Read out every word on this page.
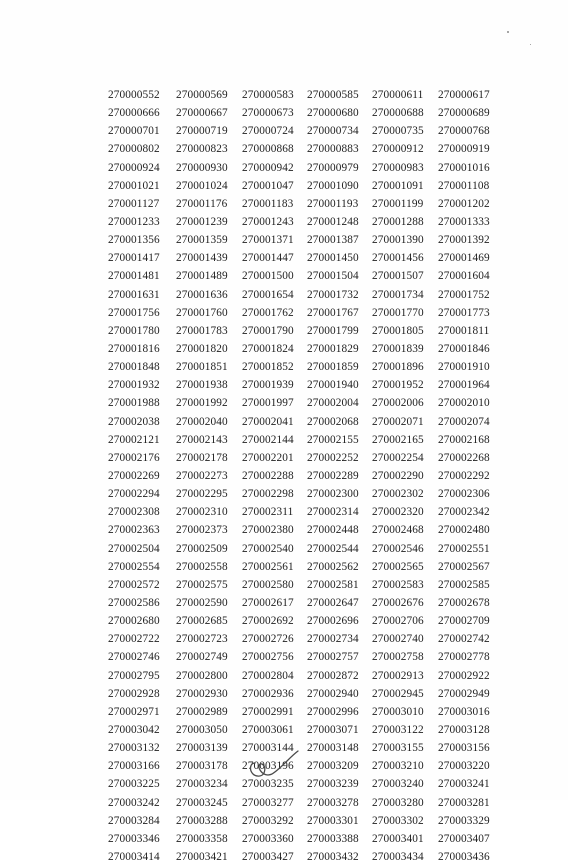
270000552	270000569	270000583	270000585	270000611	270000617
270000666	270000667	270000673	270000680	270000688	270000689
270000701	270000719	270000724	270000734	270000735	270000768
270000802	270000823	270000868	270000883	270000912	270000919
270000924	270000930	270000942	270000979	270000983	270001016
270001021	270001024	270001047	270001090	270001091	270001108
270001127	270001176	270001183	270001193	270001199	270001202
270001233	270001239	270001243	270001248	270001288	270001333
270001356	270001359	270001371	270001387	270001390	270001392
270001417	270001439	270001447	270001450	270001456	270001469
270001481	270001489	270001500	270001504	270001507	270001604
270001631	270001636	270001654	270001732	270001734	270001752
270001756	270001760	270001762	270001767	270001770	270001773
270001780	270001783	270001790	270001799	270001805	270001811
270001816	270001820	270001824	270001829	270001839	270001846
270001848	270001851	270001852	270001859	270001896	270001910
270001932	270001938	270001939	270001940	270001952	270001964
270001988	270001992	270001997	270002004	270002006	270002010
270002038	270002040	270002041	270002068	270002071	270002074
270002121	270002143	270002144	270002155	270002165	270002168
270002176	270002178	270002201	270002252	270002254	270002268
270002269	270002273	270002288	270002289	270002290	270002292
270002294	270002295	270002298	270002300	270002302	270002306
270002308	270002310	270002311	270002314	270002320	270002342
270002363	270002373	270002380	270002448	270002468	270002480
270002504	270002509	270002540	270002544	270002546	270002551
270002554	270002558	270002561	270002562	270002565	270002567
270002572	270002575	270002580	270002581	270002583	270002585
270002586	270002590	270002617	270002647	270002676	270002678
270002680	270002685	270002692	270002696	270002706	270002709
270002722	270002723	270002726	270002734	270002740	270002742
270002746	270002749	270002756	270002757	270002758	270002778
270002795	270002800	270002804	270002872	270002913	270002922
270002928	270002930	270002936	270002940	270002945	270002949
270002971	270002989	270002991	270002996	270003010	270003016
270003042	270003050	270003061	270003071	270003122	270003128
270003132	270003139	270003144	270003148	270003155	270003156
270003166	270003178	270003196	270003209	270003210	270003220
270003225	270003234	270003235	270003239	270003240	270003241
270003242	270003245	270003277	270003278	270003280	270003281
270003284	270003288	270003292	270003301	270003302	270003329
270003346	270003358	270003360	270003388	270003401	270003407
270003414	270003421	270003427	270003432	270003434	270003436
